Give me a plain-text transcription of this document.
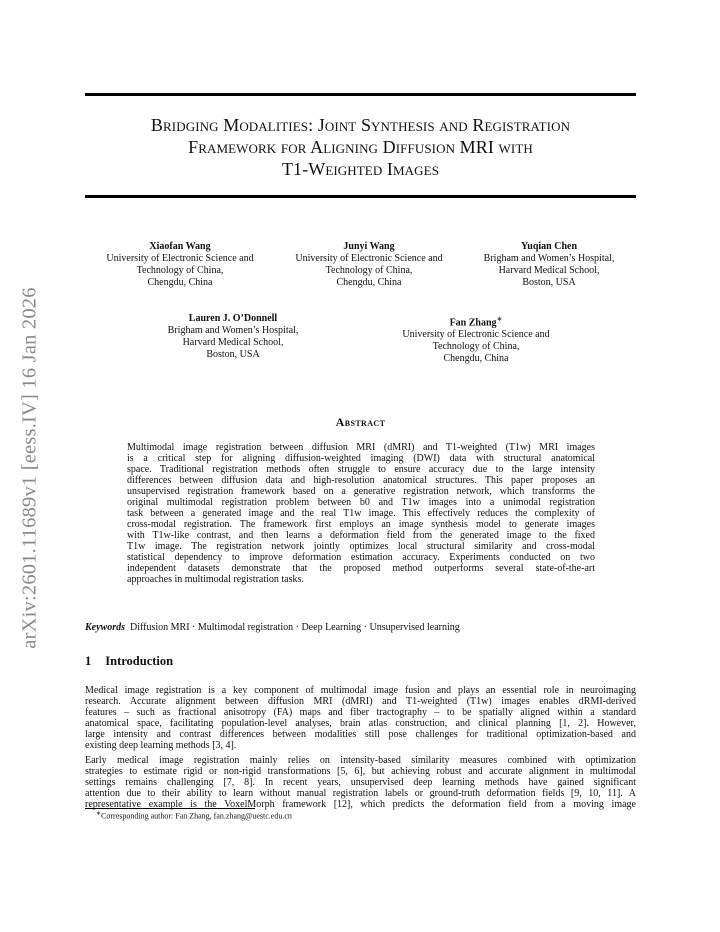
arXiv:2601.11689v1 [eess.IV] 16 Jan 2026
Bridging Modalities: Joint Synthesis and Registration
Framework for Aligning Diffusion MRI with
T1-Weighted Images
Xiaofan Wang
University of Electronic Science and
Technology of China,
Chengdu, China
Junyi Wang
University of Electronic Science and
Technology of China,
Chengdu, China
Yuqian Chen
Brigham and Women’s Hospital,
Harvard Medical School,
Boston, USA
Lauren J. O’Donnell
Brigham and Women’s Hospital,
Harvard Medical School,
Boston, USA
Fan Zhang∗
University of Electronic Science and
Technology of China,
Chengdu, China
Abstract
Multimodal image registration between diffusion MRI (dMRI) and T1-weighted (T1w) MRI images
is a critical step for aligning diffusion-weighted imaging (DWI) data with structural anatomical
space. Traditional registration methods often struggle to ensure accuracy due to the large intensity
differences between diffusion data and high-resolution anatomical structures. This paper proposes an
unsupervised registration framework based on a generative registration network, which transforms the
original multimodal registration problem between b0 and T1w images into a unimodal registration
task between a generated image and the real T1w image. This effectively reduces the complexity of
cross-modal registration. The framework first employs an image synthesis model to generate images
with T1w-like contrast, and then learns a deformation field from the generated image to the fixed
T1w image. The registration network jointly optimizes local structural similarity and cross-modal
statistical dependency to improve deformation estimation accuracy. Experiments conducted on two
independent datasets demonstrate that the proposed method outperforms several state-of-the-art
approaches in multimodal registration tasks.
Keywords Diffusion MRI · Multimodal registration · Deep Learning · Unsupervised learning
1 Introduction
Medical image registration is a key component of multimodal image fusion and plays an essential role in neuroimaging
research. Accurate alignment between diffusion MRI (dMRI) and T1-weighted (T1w) images enables dRMI-derived
features – such as fractional anisotropy (FA) maps and fiber tractography – to be spatially aligned within a standard
anatomical space, facilitating population-level analyses, brain atlas construction, and clinical planning [1, 2]. However,
large intensity and contrast differences between modalities still pose challenges for traditional optimization-based and
existing deep learning methods [3, 4].
Early medical image registration mainly relies on intensity-based similarity measures combined with optimization
strategies to estimate rigid or non-rigid transformations [5, 6], but achieving robust and accurate alignment in multimodal
settings remains challenging [7, 8]. In recent years, unsupervised deep learning methods have gained significant
attention due to their ability to learn without manual registration labels or ground-truth deformation fields [9, 10, 11]. A
representative example is the VoxelMorph framework [12], which predicts the deformation field from a moving image
∗Corresponding author: Fan Zhang, fan.zhang@uestc.edu.cn
